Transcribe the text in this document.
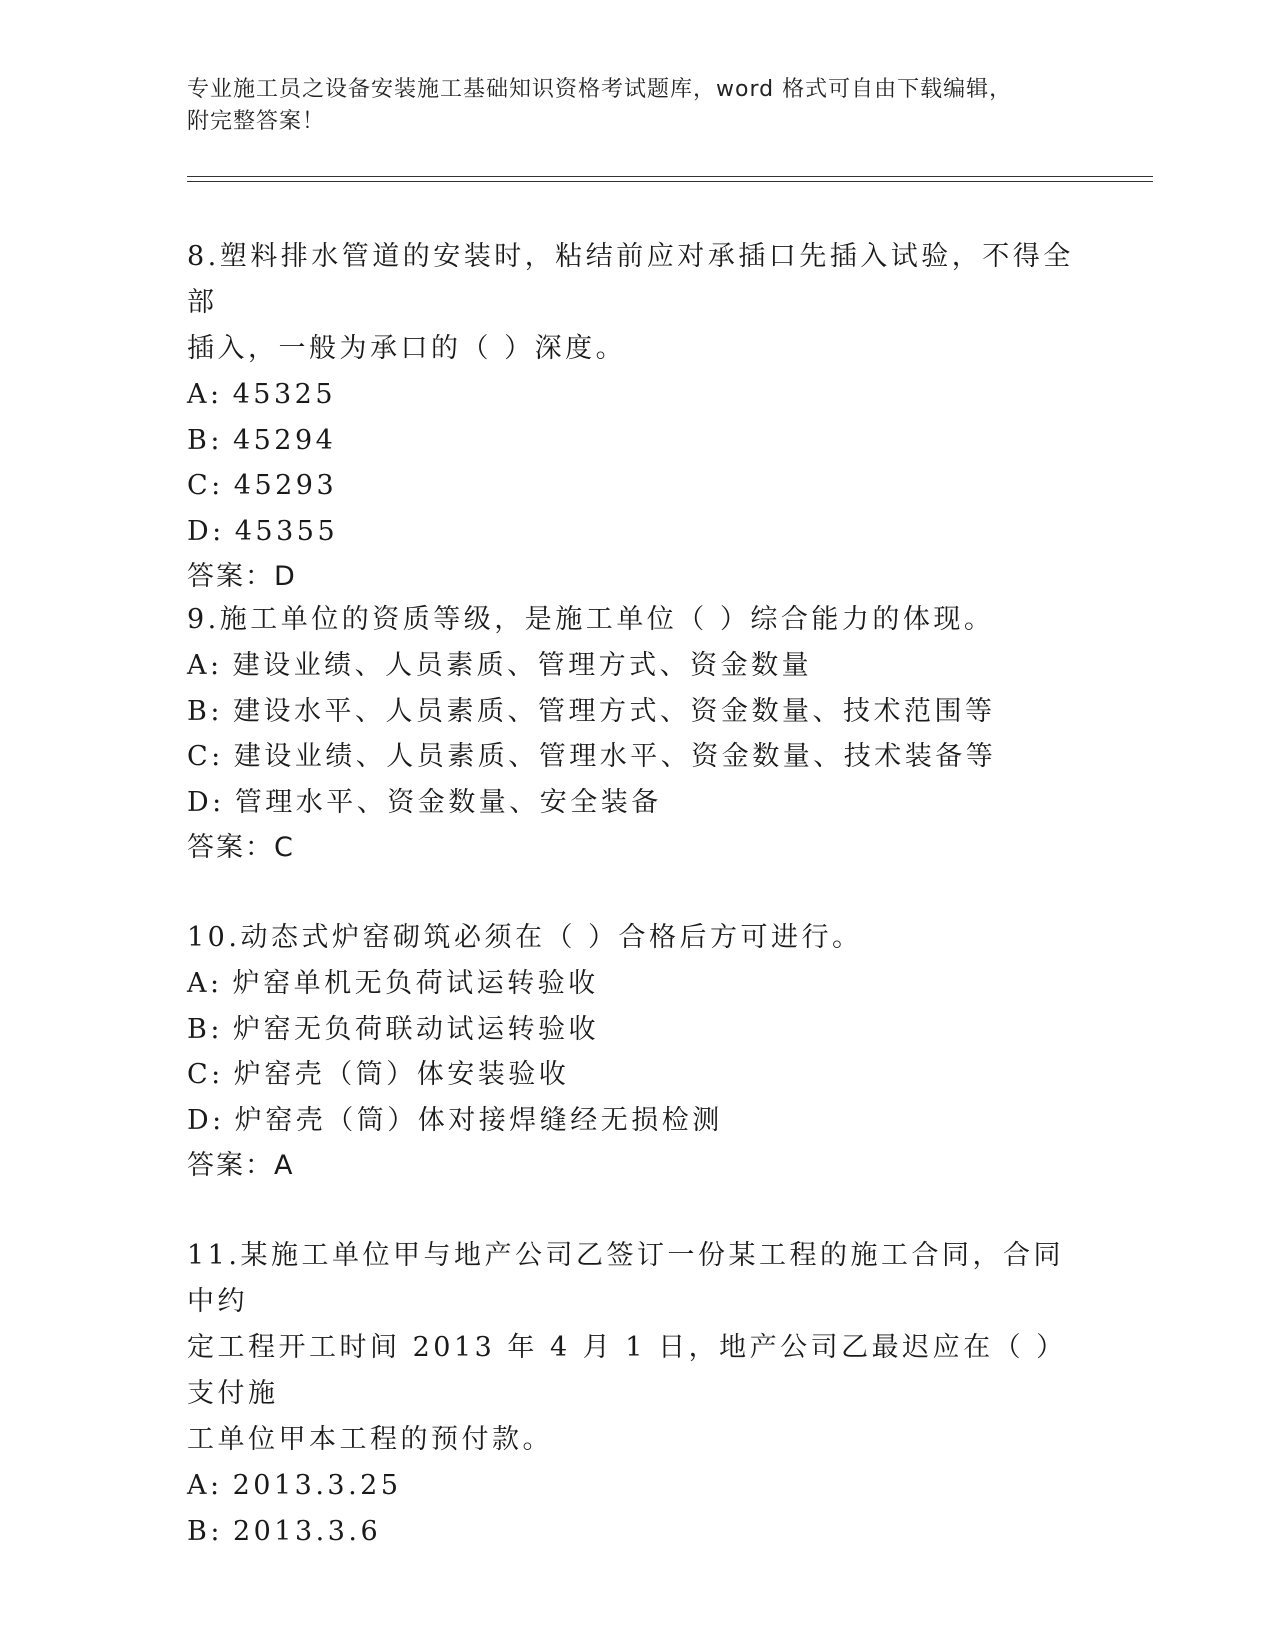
专业施工员之设备安装施工基础知识资格考试题库，word 格式可自由下载编辑，
附完整答案！

8.塑料排水管道的安装时，粘结前应对承插口先插入试验，不得全部

插入，一般为承口的（ ）深度。

A: 45325

B: 45294

C: 45293

D: 45355

答案：D

9.施工单位的资质等级，是施工单位（ ）综合能力的体现。

A: 建设业绩、人员素质、管理方式、资金数量

B: 建设水平、人员素质、管理方式、资金数量、技术范围等

C: 建设业绩、人员素质、管理水平、资金数量、技术装备等

D: 管理水平、资金数量、安全装备

答案：C

10.动态式炉窑砌筑必须在（ ）合格后方可进行。

A: 炉窑单机无负荷试运转验收

B: 炉窑无负荷联动试运转验收

C: 炉窑壳（筒）体安装验收

D: 炉窑壳（筒）体对接焊缝经无损检测

答案：A

11.某施工单位甲与地产公司乙签订一份某工程的施工合同，合同中约

定工程开工时间 2013 年 4 月 1 日，地产公司乙最迟应在（ ）支付施

工单位甲本工程的预付款。

A: 2013.3.25

B: 2013.3.6
